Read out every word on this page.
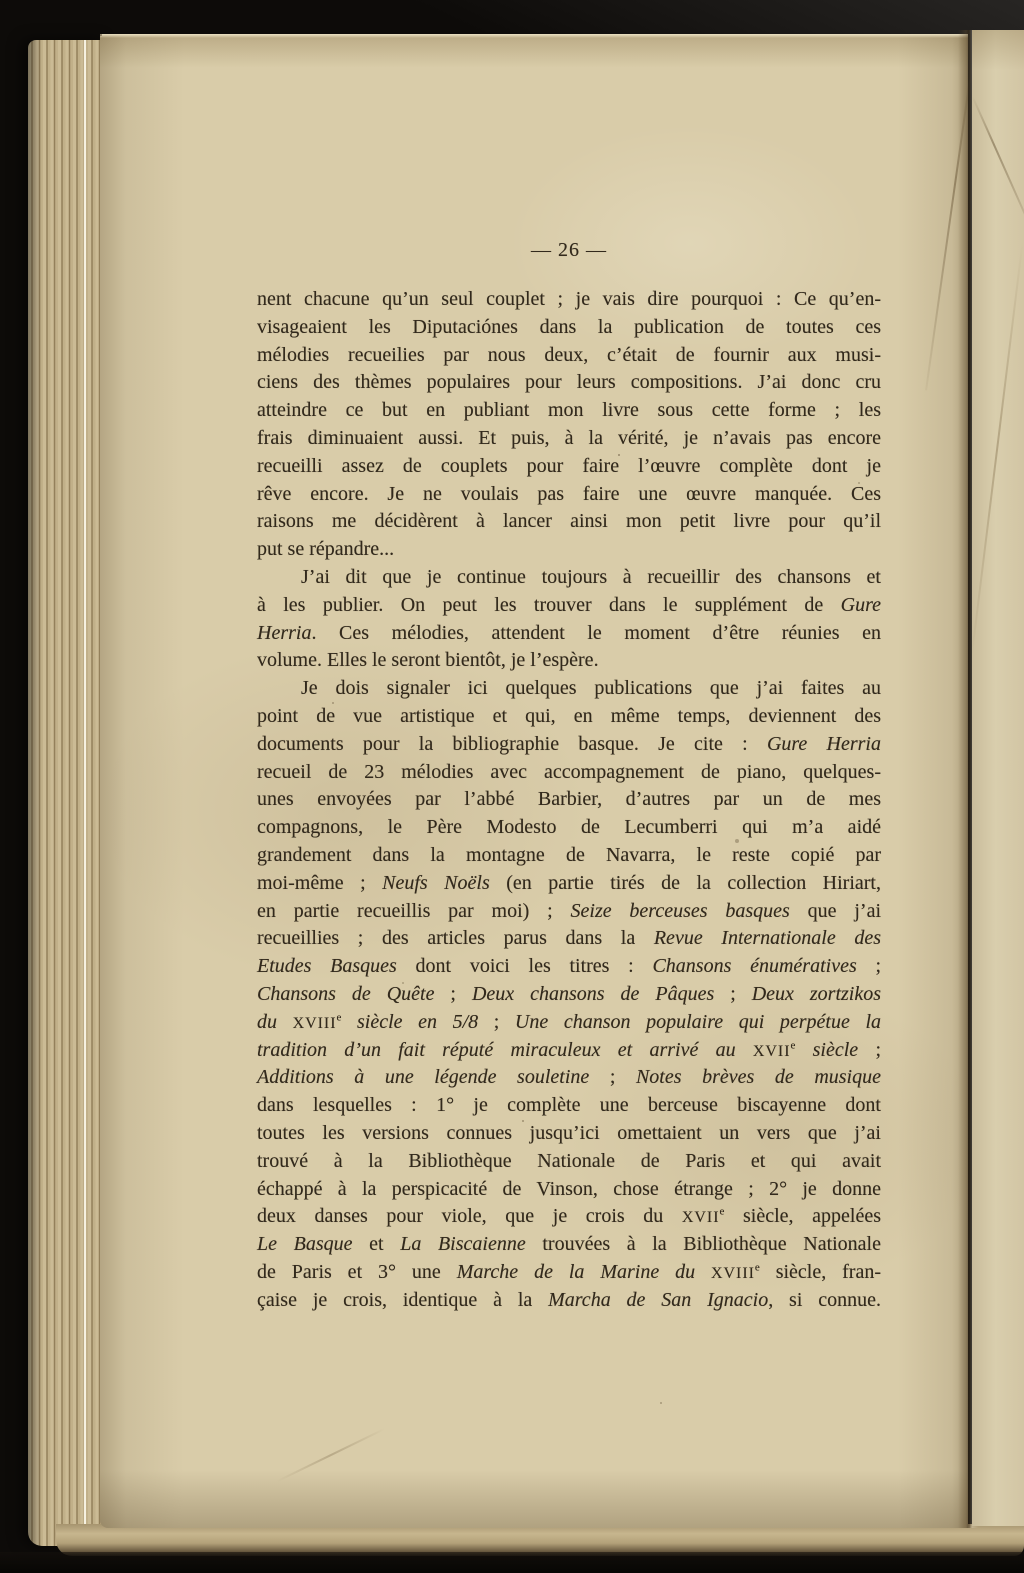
— 26 —
nent chacune qu’un seul couplet ; je vais dire pourquoi : Ce qu’en-
visageaient les Diputaciónes dans la publication de toutes ces
mélodies recueilies par nous deux, c’était de fournir aux musi-
ciens des thèmes populaires pour leurs compositions. J’ai donc cru
atteindre ce but en publiant mon livre sous cette forme ; les
frais diminuaient aussi. Et puis, à la vérité, je n’avais pas encore
recueilli assez de couplets pour faire l’œuvre complète dont je
rêve encore. Je ne voulais pas faire une œuvre manquée. Ces
raisons me décidèrent à lancer ainsi mon petit livre pour qu’il
put se répandre...
J’ai dit que je continue toujours à recueillir des chansons et
à les publier. On peut les trouver dans le supplément de Gure
Herria. Ces mélodies, attendent le moment d’être réunies en
volume. Elles le seront bientôt, je l’espère.
Je dois signaler ici quelques publications que j’ai faites au
point de vue artistique et qui, en même temps, deviennent des
documents pour la bibliographie basque. Je cite : Gure Herria
recueil de 23 mélodies avec accompagnement de piano, quelques-
unes envoyées par l’abbé Barbier, d’autres par un de mes
compagnons, le Père Modesto de Lecumberri qui m’a aidé
grandement dans la montagne de Navarra, le reste copié par
moi-même ; Neufs Noëls (en partie tirés de la collection Hiriart,
en partie recueillis par moi) ; Seize berceuses basques que j’ai
recueillies ; des articles parus dans la Revue Internationale des
Etudes Basques dont voici les titres : Chansons énumératives ;
Chansons de Quête ; Deux chansons de Pâques ; Deux zortzikos
du XVIIIe siècle en 5/8 ; Une chanson populaire qui perpétue la
tradition d’un fait réputé miraculeux et arrivé au XVIIe siècle ;
Additions à une légende souletine ; Notes brèves de musique
dans lesquelles : 1° je complète une berceuse biscayenne dont
toutes les versions connues jusqu’ici omettaient un vers que j’ai
trouvé à la Bibliothèque Nationale de Paris et qui avait
échappé à la perspicacité de Vinson, chose étrange ; 2° je donne
deux danses pour viole, que je crois du XVIIe siècle, appelées
Le Basque et La Biscaienne trouvées à la Bibliothèque Nationale
de Paris et 3° une Marche de la Marine du XVIIIe siècle, fran-
çaise je crois, identique à la Marcha de San Ignacio, si connue.
